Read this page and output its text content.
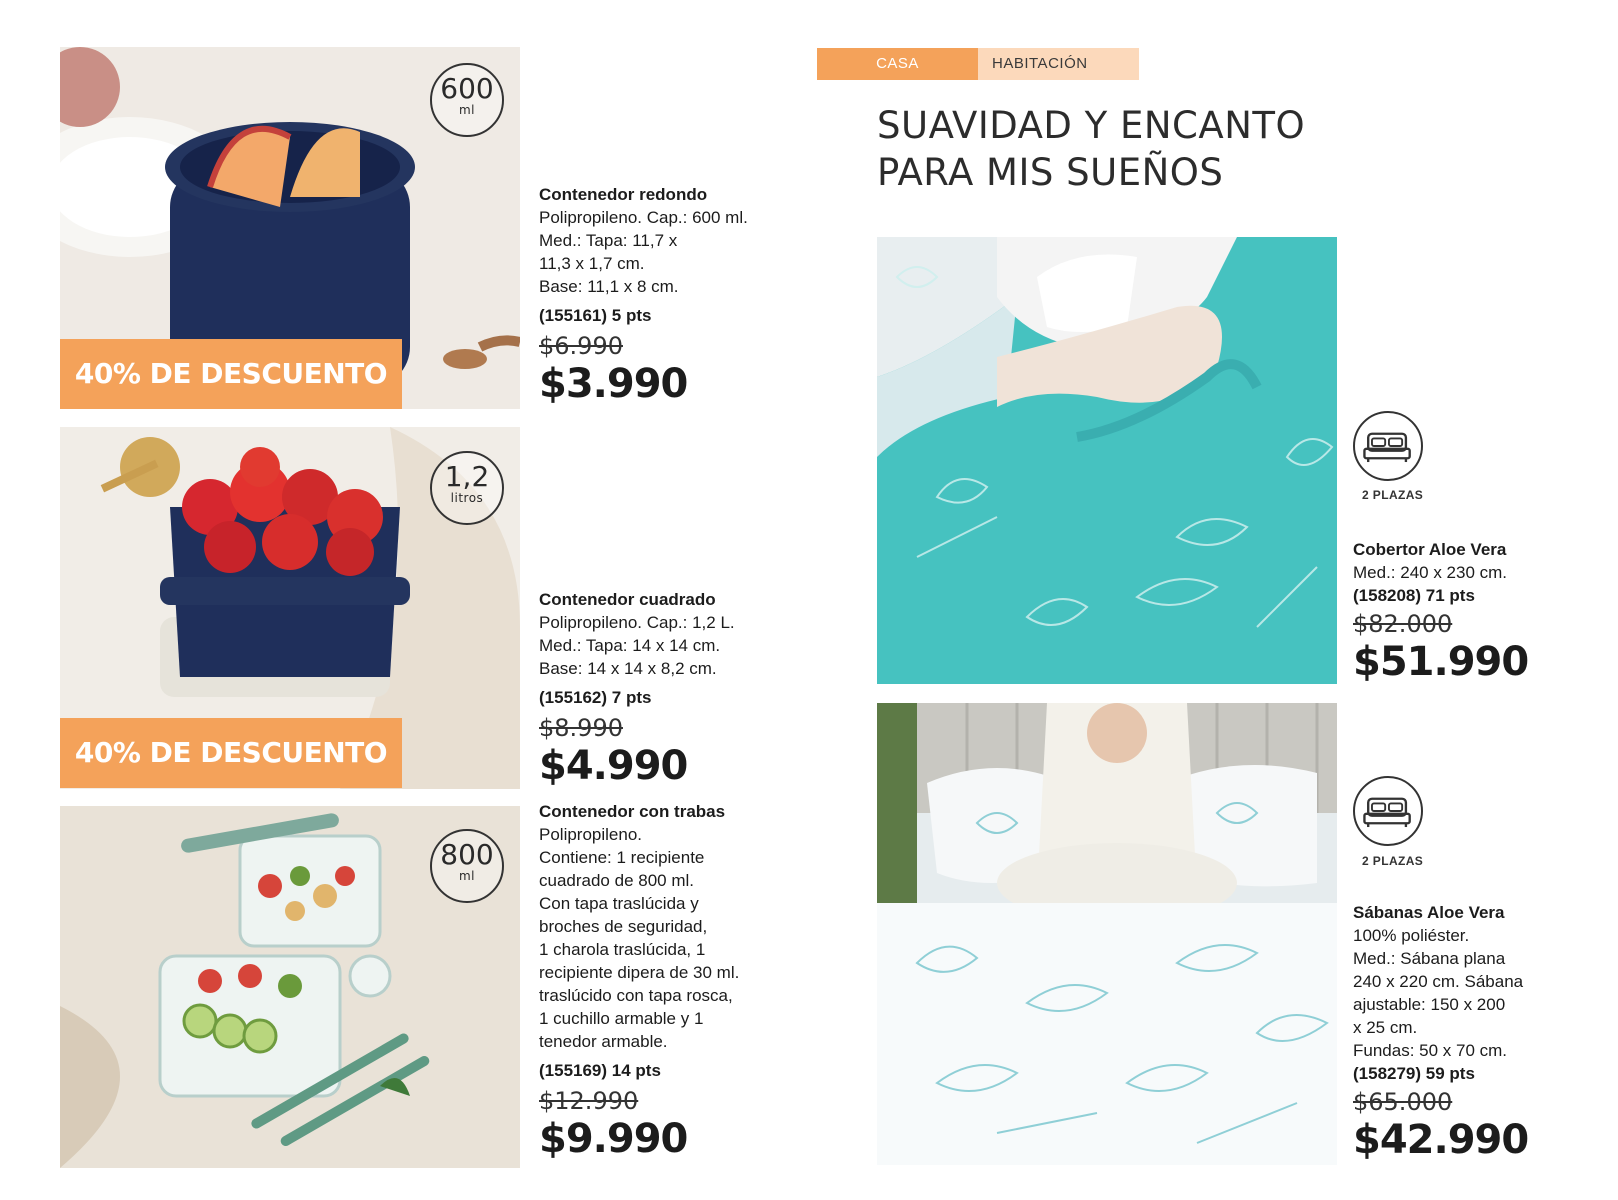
40% DE DESCUENTO
600
ml
Contenedor redondo
Polipropileno. Cap.: 600 ml.
Med.: Tapa: 11,7 x
11,3 x 1,7 cm.
Base: 11,1 x 8 cm.
(155161) 5 pts
$6.990
$3.990
40% DE DESCUENTO
1,2
litros
Contenedor cuadrado
Polipropileno. Cap.: 1,2 L.
Med.: Tapa: 14 x 14 cm.
Base: 14 x 14 x 8,2 cm.
(155162) 7 pts
$8.990
$4.990
800
ml
Contenedor con trabas
Polipropileno.
Contiene: 1 recipiente
cuadrado de 800 ml.
Con tapa traslúcida y
broches de seguridad,
1 charola traslúcida, 1
recipiente dipera de 30 ml.
traslúcido con tapa rosca,
1 cuchillo armable y 1
tenedor armable.
(155169) 14 pts
$12.990
$9.990
CASA	HABITACIÓN
SUAVIDAD Y ENCANTO
PARA MIS SUEÑOS
2 PLAZAS
Cobertor Aloe Vera
Med.: 240 x 230 cm.
(158208) 71 pts
$82.000
$51.990
2 PLAZAS
Sábanas Aloe Vera
100% poliéster.
Med.: Sábana plana
240 x 220 cm. Sábana
ajustable: 150 x 200
x 25 cm.
Fundas: 50 x 70 cm.
(158279) 59 pts
$65.000
$42.990
